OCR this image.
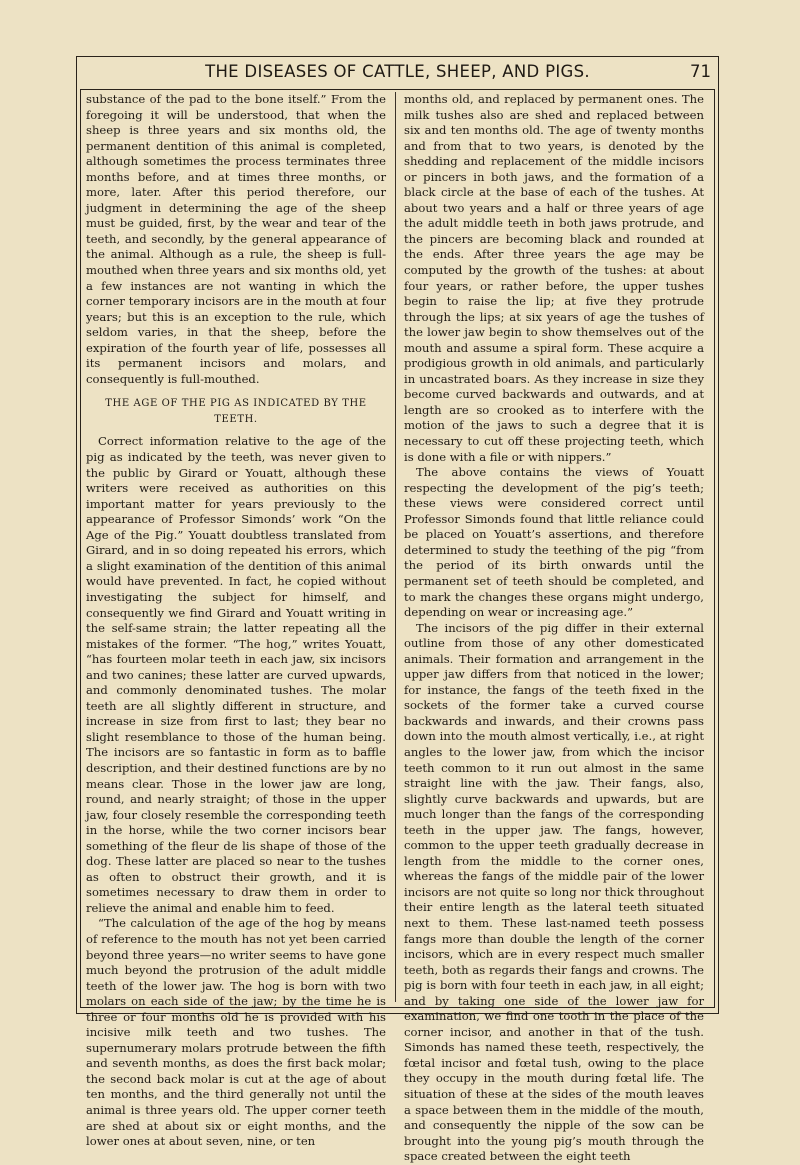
THE DISEASES OF CATTLE, SHEEP, AND PIGS.	71

substance of the pad to the bone itself.” From the foregoing it will be understood, that when the sheep is three years and six months old, the permanent dentition of this animal is completed, although sometimes the process terminates three months before, and at times three months, or more, later. After this period therefore, our judgment in determining the age of the sheep must be guided, first, by the wear and tear of the teeth, and secondly, by the general appearance of the animal. Although as a rule, the sheep is full-mouthed when three years and six months old, yet a few instances are not wanting in which the corner temporary incisors are in the mouth at four years; but this is an exception to the rule, which seldom varies, in that the sheep, before the expiration of the fourth year of life, possesses all its permanent incisors and molars, and consequently is full-mouthed.

THE AGE OF THE PIG AS INDICATED BY THE TEETH.

Correct information relative to the age of the pig as indicated by the teeth, was never given to the public by Girard or Youatt, although these writers were received as authorities on this important matter for years previously to the appearance of Professor Simonds’ work “On the Age of the Pig.” Youatt doubtless translated from Girard, and in so doing repeated his errors, which a slight examination of the dentition of this animal would have prevented. In fact, he copied without investigating the subject for himself, and consequently we find Girard and Youatt writing in the self-same strain; the latter repeating all the mistakes of the former. “The hog,” writes Youatt, “has fourteen molar teeth in each jaw, six incisors and two canines; these latter are curved upwards, and commonly denominated tushes. The molar teeth are all slightly different in structure, and increase in size from first to last; they bear no slight resemblance to those of the human being. The incisors are so fantastic in form as to baffle description, and their destined functions are by no means clear. Those in the lower jaw are long, round, and nearly straight; of those in the upper jaw, four closely resemble the corresponding teeth in the horse, while the two corner incisors bear something of the fleur de lis shape of those of the dog. These latter are placed so near to the tushes as often to obstruct their growth, and it is sometimes necessary to draw them in order to relieve the animal and enable him to feed.

“The calculation of the age of the hog by means of reference to the mouth has not yet been carried beyond three years—no writer seems to have gone much beyond the protrusion of the adult middle teeth of the lower jaw. The hog is born with two molars on each side of the jaw; by the time he is three or four months old he is provided with his incisive milk teeth and two tushes. The supernumerary molars protrude between the fifth and seventh months, as does the first back molar; the second back molar is cut at the age of about ten months, and the third generally not until the animal is three years old. The upper corner teeth are shed at about six or eight months, and the lower ones at about seven, nine, or ten

months old, and replaced by permanent ones. The milk tushes also are shed and replaced between six and ten months old. The age of twenty months and from that to two years, is denoted by the shedding and replacement of the middle incisors or pincers in both jaws, and the formation of a black circle at the base of each of the tushes. At about two years and a half or three years of age the adult middle teeth in both jaws protrude, and the pincers are becoming black and rounded at the ends. After three years the age may be computed by the growth of the tushes: at about four years, or rather before, the upper tushes begin to raise the lip; at five they protrude through the lips; at six years of age the tushes of the lower jaw begin to show themselves out of the mouth and assume a spiral form. These acquire a prodigious growth in old animals, and particularly in uncastrated boars. As they increase in size they become curved backwards and outwards, and at length are so crooked as to interfere with the motion of the jaws to such a degree that it is necessary to cut off these projecting teeth, which is done with a file or with nippers.”

The above contains the views of Youatt respecting the development of the pig’s teeth; these views were considered correct until Professor Simonds found that little reliance could be placed on Youatt’s assertions, and therefore determined to study the teething of the pig “from the period of its birth onwards until the permanent set of teeth should be completed, and to mark the changes these organs might undergo, depending on wear or increasing age.”

The incisors of the pig differ in their external outline from those of any other domesticated animals. Their formation and arrangement in the upper jaw differs from that noticed in the lower; for instance, the fangs of the teeth fixed in the sockets of the former take a curved course backwards and inwards, and their crowns pass down into the mouth almost vertically, i.e., at right angles to the lower jaw, from which the incisor teeth common to it run out almost in the same straight line with the jaw. Their fangs, also, slightly curve backwards and upwards, but are much longer than the fangs of the corresponding teeth in the upper jaw. The fangs, however, common to the upper teeth gradually decrease in length from the middle to the corner ones, whereas the fangs of the middle pair of the lower incisors are not quite so long nor thick throughout their entire length as the lateral teeth situated next to them. These last-named teeth possess fangs more than double the length of the corner incisors, which are in every respect much smaller teeth, both as regards their fangs and crowns. The pig is born with four teeth in each jaw, in all eight; and by taking one side of the lower jaw for examination, we find one tooth in the place of the corner incisor, and another in that of the tush. Simonds has named these teeth, respectively, the fœtal incisor and fœtal tush, owing to the place they occupy in the mouth during fœtal life. The situation of these at the sides of the mouth leaves a space between them in the middle of the mouth, and consequently the nipple of the sow can be brought into the young pig’s mouth through the space created between the eight teeth
